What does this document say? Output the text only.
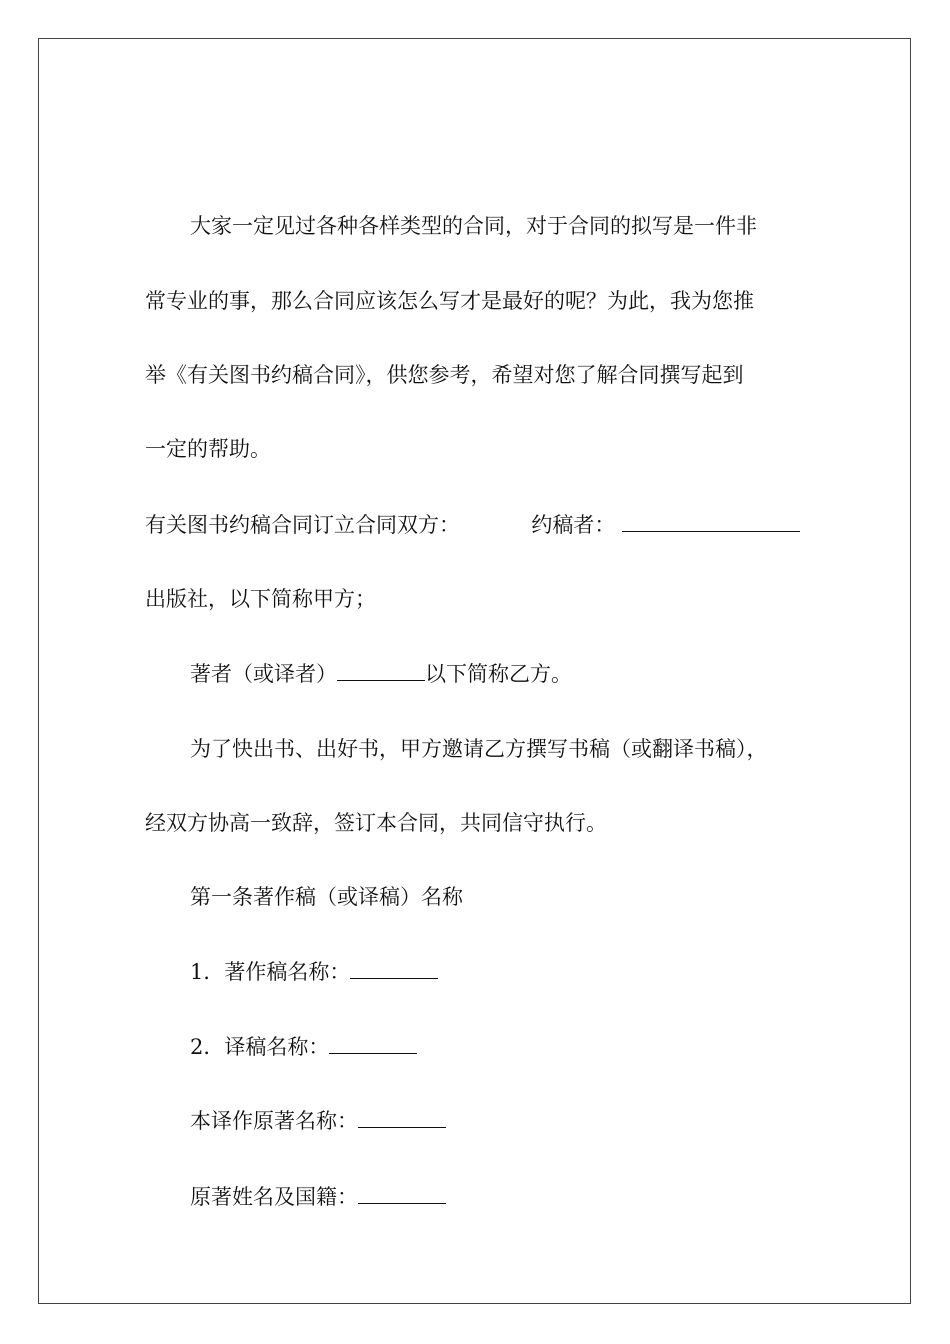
大家一定见过各种各样类型的合同，对于合同的拟写是一件非
常专业的事，那么合同应该怎么写才是最好的呢？为此，我为您推
举《有关图书约稿合同》，供您参考，希望对您了解合同撰写起到
一定的帮助。
有关图书约稿合同订立合同双方：	约稿者：
出版社，以下简称甲方；
著者（或译者）	以下简称乙方。
为了快出书、出好书，甲方邀请乙方撰写书稿（或翻译书稿），
经双方协高一致辞，签订本合同，共同信守执行。
第一条著作稿（或译稿）名称
1．著作稿名称：
2．译稿名称：
本译作原著名称：
原著姓名及国籍：
